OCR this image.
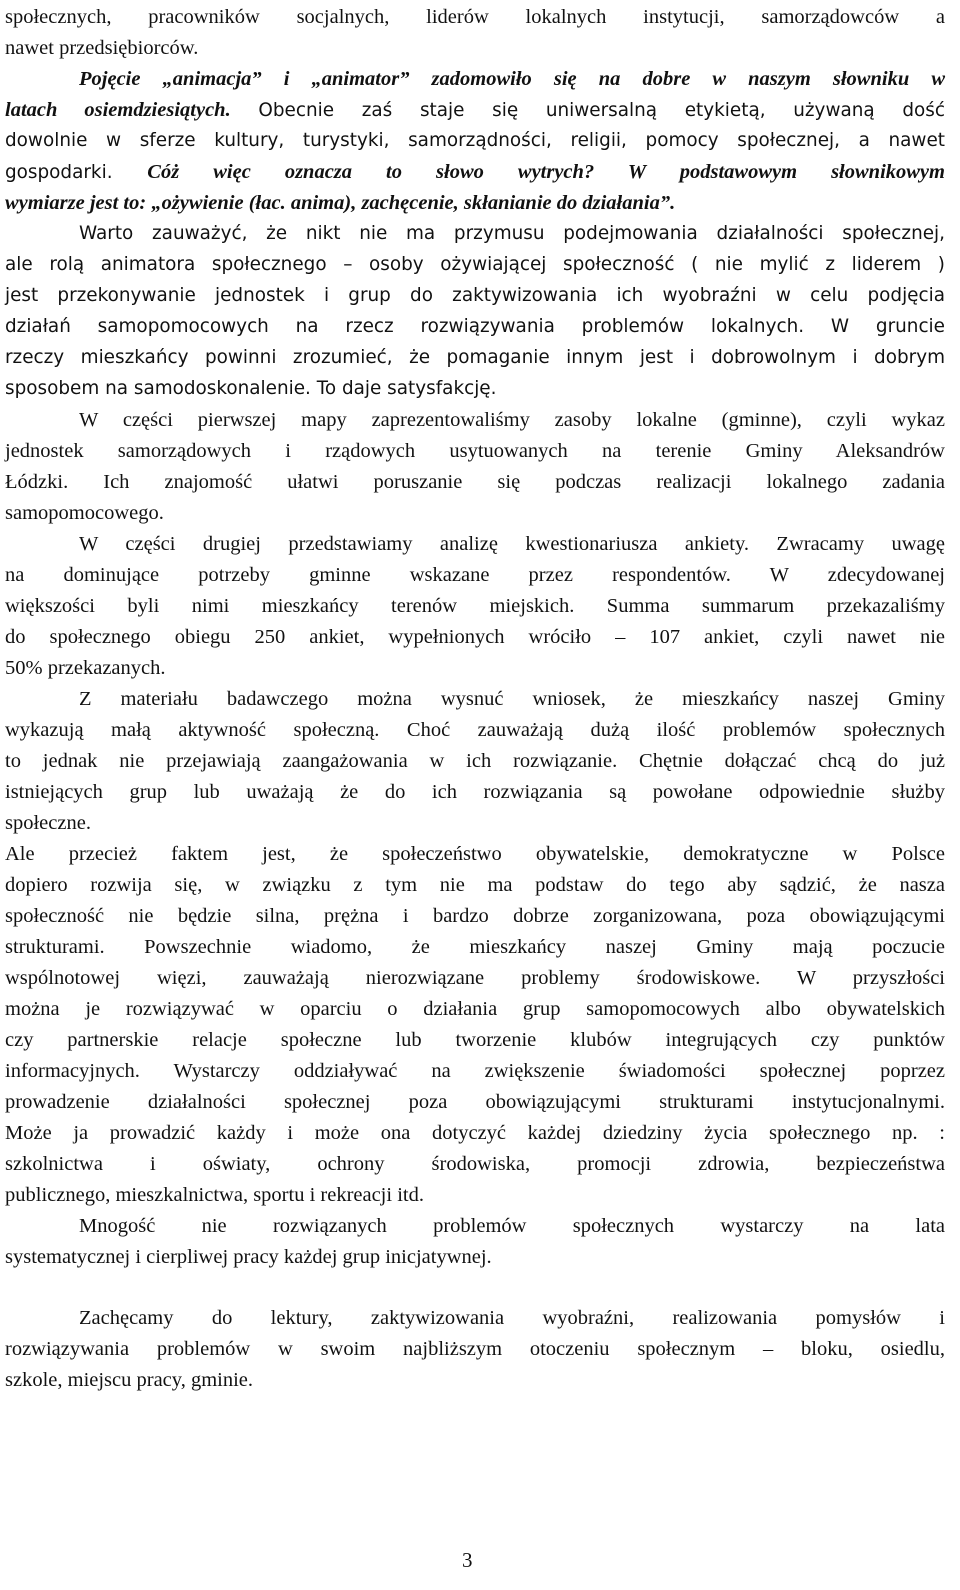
społecznych, pracowników socjalnych, liderów lokalnych instytucji, samorządowców a
nawet przedsiębiorców.
Pojęcie „animacja” i „animator” zadomowiło się na dobre w naszym słowniku w
latach osiemdziesiątych. Obecnie zaś staje się uniwersalną etykietą, używaną dość
dowolnie w sferze kultury, turystyki, samorządności, religii, pomocy społecznej, a nawet
gospodarki. Cóż więc oznacza to słowo wytrych? W podstawowym słownikowym
wymiarze jest to: „ożywienie (łac. anima), zachęcenie, skłanianie do działania”.
Warto zauważyć, że nikt nie ma przymusu podejmowania działalności społecznej,
ale rolą animatora społecznego – osoby ożywiającej społeczność ( nie mylić z liderem )
jest przekonywanie jednostek i grup do zaktywizowania ich wyobraźni w celu podjęcia
działań samopomocowych na rzecz rozwiązywania problemów lokalnych. W gruncie
rzeczy mieszkańcy powinni zrozumieć, że pomaganie innym jest i dobrowolnym i dobrym
sposobem na samodoskonalenie. To daje satysfakcję.
W części pierwszej mapy zaprezentowaliśmy zasoby lokalne (gminne), czyli wykaz
jednostek samorządowych i rządowych usytuowanych na terenie Gminy Aleksandrów
Łódzki. Ich znajomość ułatwi poruszanie się podczas realizacji lokalnego zadania
samopomocowego.
W części drugiej przedstawiamy analizę kwestionariusza ankiety. Zwracamy uwagę
na dominujące potrzeby gminne wskazane przez respondentów. W zdecydowanej
większości byli nimi mieszkańcy terenów miejskich. Summa summarum przekazaliśmy
do społecznego obiegu 250 ankiet, wypełnionych wróciło – 107 ankiet, czyli nawet nie
50% przekazanych.
Z materiału badawczego można wysnuć wniosek, że mieszkańcy naszej Gminy
wykazują małą aktywność społeczną. Choć zauważają dużą ilość problemów społecznych
to jednak nie przejawiają zaangażowania w ich rozwiązanie. Chętnie dołączać chcą do już
istniejących grup lub uważają że do ich rozwiązania są powołane odpowiednie służby
społeczne.
Ale przecież faktem jest, że społeczeństwo obywatelskie, demokratyczne w Polsce
dopiero rozwija się, w związku z tym nie ma podstaw do tego aby sądzić, że nasza
społeczność nie będzie silna, prężna i bardzo dobrze zorganizowana, poza obowiązującymi
strukturami. Powszechnie wiadomo, że mieszkańcy naszej Gminy mają poczucie
wspólnotowej więzi, zauważają nierozwiązane problemy środowiskowe. W przyszłości
można je rozwiązywać w oparciu o działania grup samopomocowych albo obywatelskich
czy partnerskie relacje społeczne lub tworzenie klubów integrujących czy punktów
informacyjnych. Wystarczy oddziaływać na zwiększenie świadomości społecznej poprzez
prowadzenie działalności społecznej poza obowiązującymi strukturami instytucjonalnymi.
Może ja prowadzić każdy i może ona dotyczyć każdej dziedziny życia społecznego np. :
szkolnictwa i oświaty, ochrony środowiska, promocji zdrowia, bezpieczeństwa
publicznego, mieszkalnictwa, sportu i rekreacji itd.
Mnogość nie rozwiązanych problemów społecznych wystarczy na lata
systematycznej i cierpliwej pracy każdej grup inicjatywnej.
Zachęcamy do lektury, zaktywizowania wyobraźni, realizowania pomysłów i
rozwiązywania problemów w swoim najbliższym otoczeniu społecznym – bloku, osiedlu,
szkole, miejscu pracy, gminie.
3
